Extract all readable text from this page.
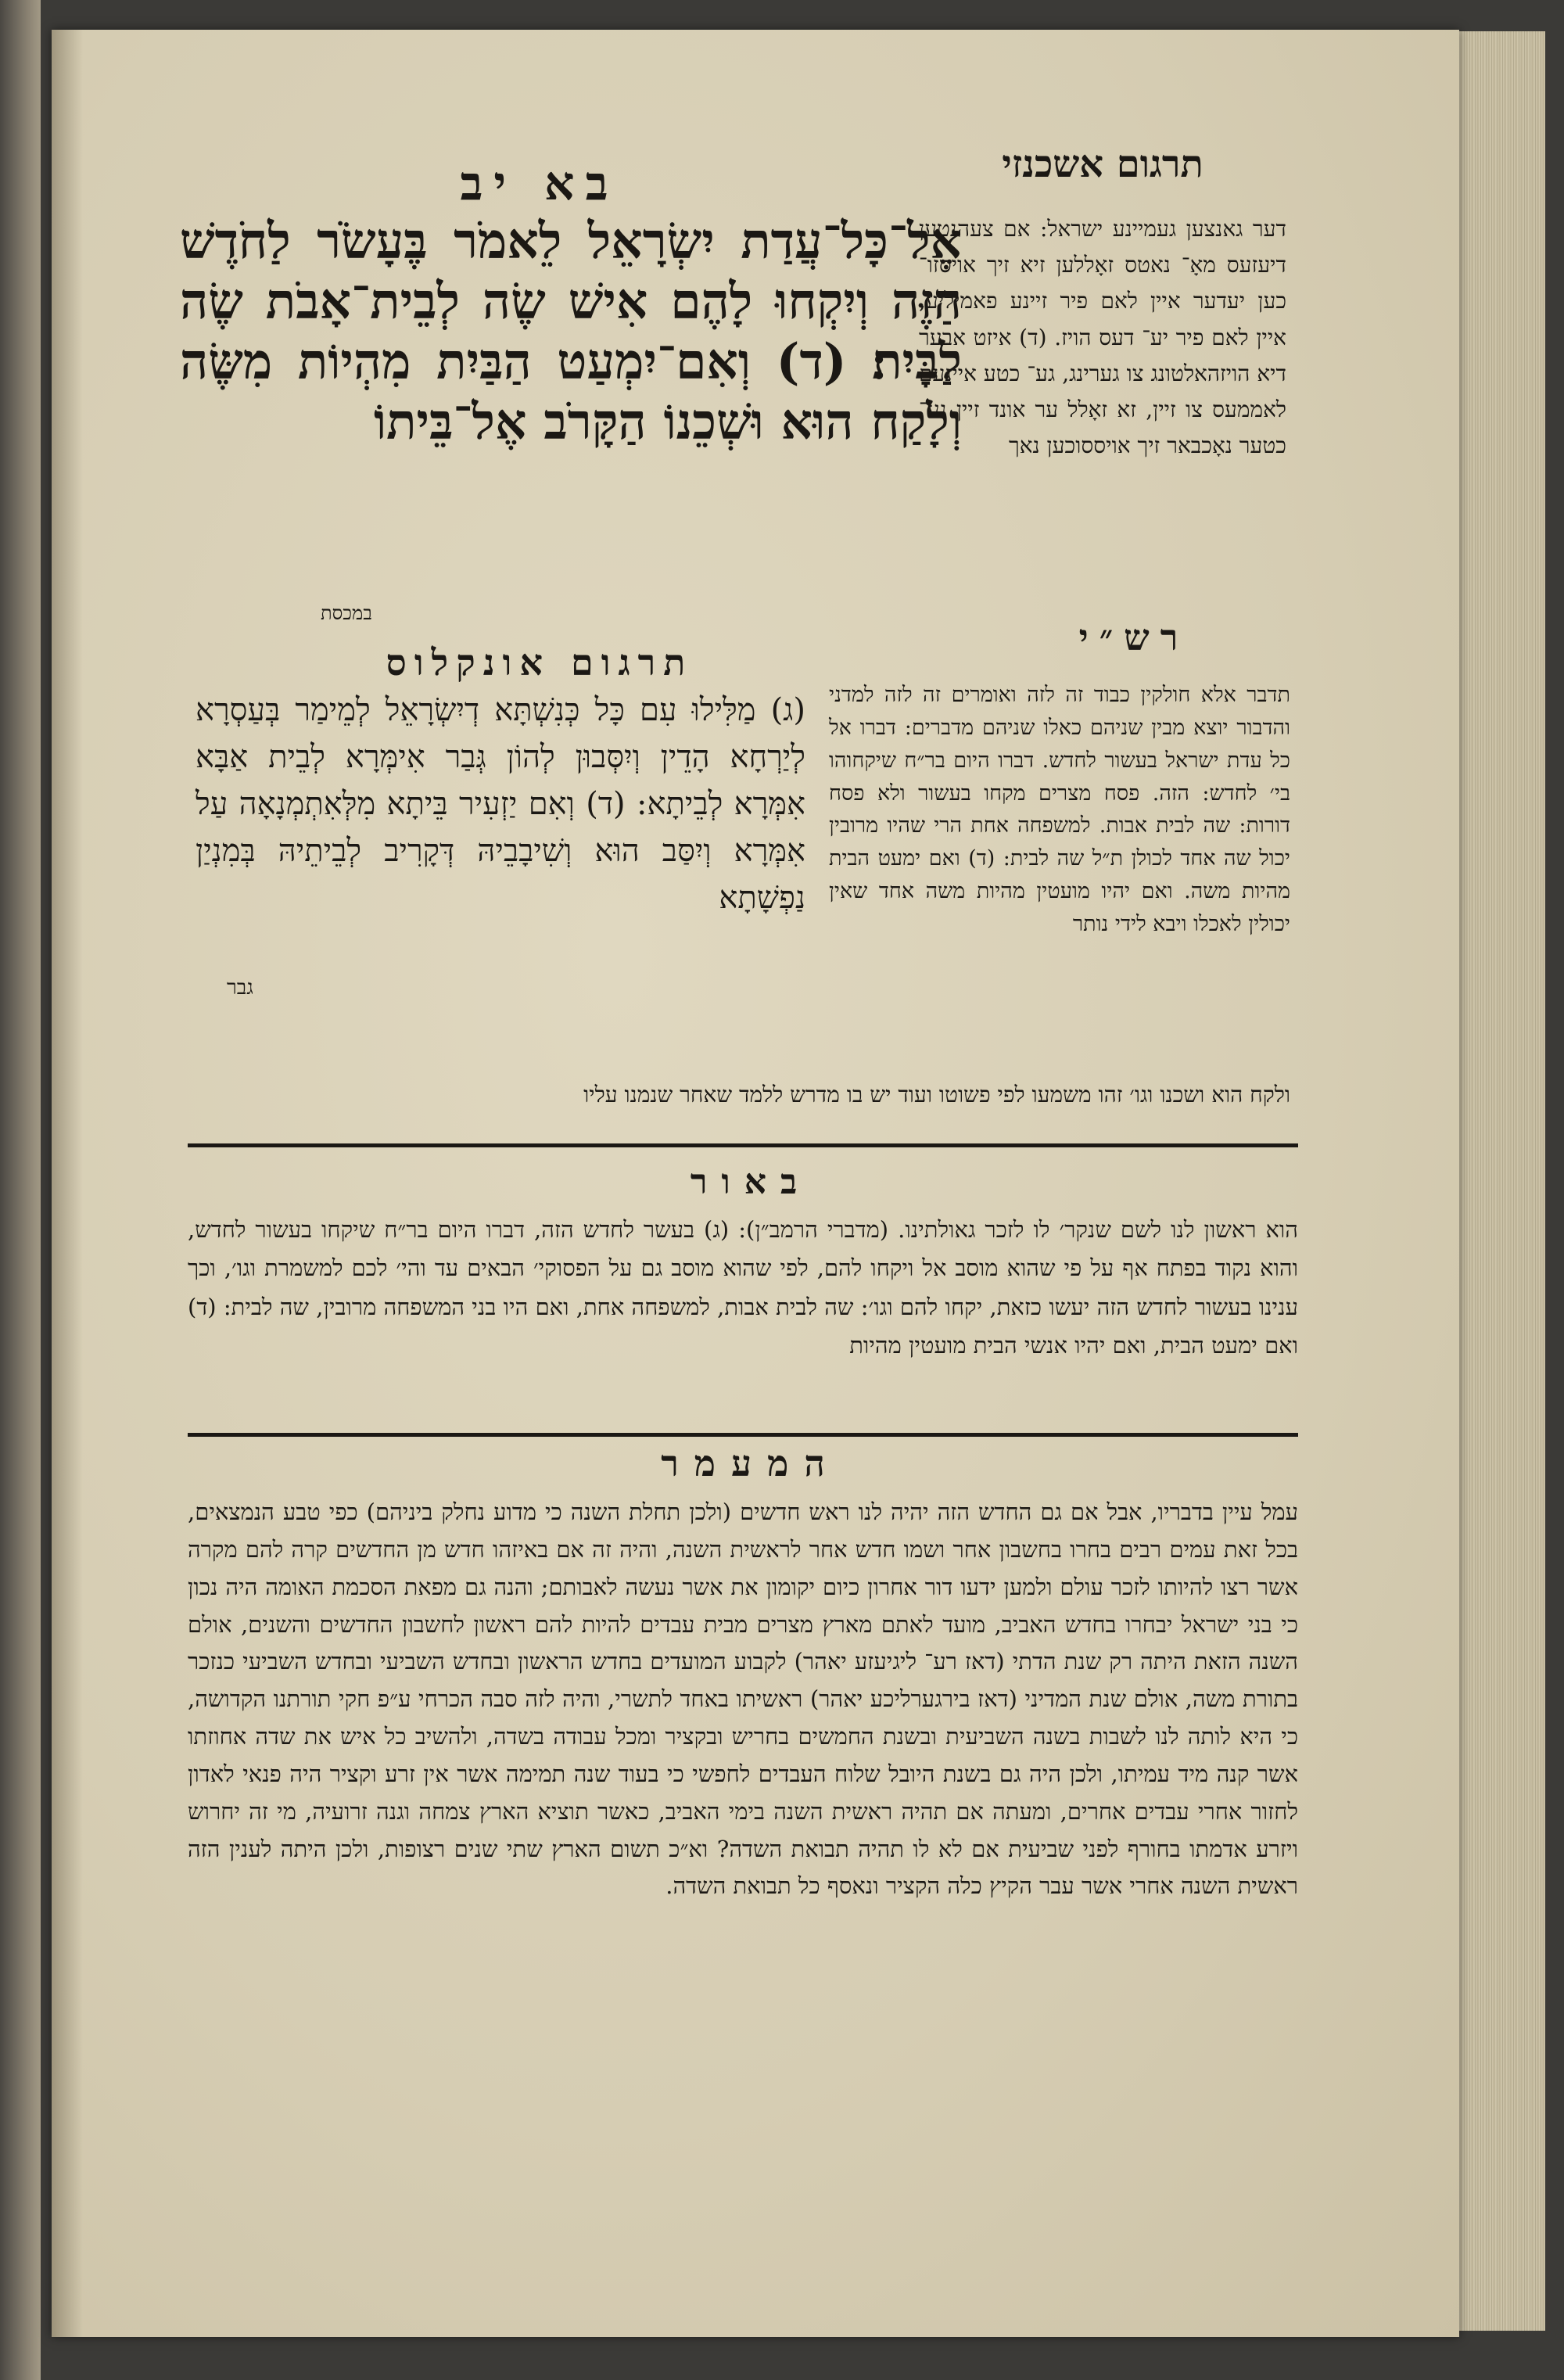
בא יב	תרגום אשכנזי
אֶל־כָּל־עֲדַת יִשְׂרָאֵל לֵאמֹר בֶּעָשֹׂר לַחֹדֶשׁ הַזֶּה וְיִקְחוּ לָהֶם אִישׁ שֶׂה לְבֵית־אָבֹת שֶׂה לַבָּיִת׃ (ד) וְאִם־יִמְעַט הַבַּיִת מִהְיוֹת מִשֶּׂה וְלָקַח הוּא וּשְׁכֵנוֹ הַקָּרֹב אֶל־בֵּיתוֹ
דער גאנצען געמיינע ישראל: אם צעהנטען דיעזעס מאָ־ נאטס זאָללען זיא זיך אויסזו־ כען יעדער איין לאם פיר זיינע פאמיליע, איין לאם פיר יע־ דעס הויז. (ד) איזט אבער דיא הויזהאלטונג צו גערינג, גע־ כטע איינעם לאממעס צו זיין, זא זאָלל ער אונד זיין נע־ כטער נאָכבאר זיך אויססוכען נאך
במכסת
תרגום אונקלוס
(ג) מַלִּילוּ עִם כָּל כְּנִשְׁתָּא דְיִשְׂרָאֵל לְמֵימַר בְּעַסְרָא לְיַרְחָא הָדֵין וְיִסְּבוּן לְהוֹן גְּבַר אִימְּרָא לְבֵית אַבָּא אִמְּרָא לְבֵיתָא: (ד) וְאִם יַזְעִיר בֵּיתָא מִלְּאִתְמְנָאָה עַל אִמְּרָא וְיִסַּב הוּא וְשִׁיבָבֵיהּ דְּקָרִיב לְבֵיתֵיהּ בְּמִנְיַן נַפְשָׁתָא
גבר
רש״י
תדבר אלא חולקין כבוד זה לזה ואומרים זה לזה למדני והדבור יוצא מבין שניהם כאלו שניהם מדברים: דברו אל כל עדת ישראל בעשור לחדש. דברו היום בר״ח שיקחוהו בי׳ לחדש: הזה. פסח מצרים מקחו בעשור ולא פסח דורות: שה לבית אבות. למשפחה אחת הרי שהיו מרובין יכול שה אחד לכולן ת״ל שה לבית: (ד) ואם ימעט הבית מהיות משה. ואם יהיו מועטין מהיות משה אחד שאין יכולין לאכלו ויבא לידי נותר
ולקח הוא ושכנו וגו׳ זהו משמעו לפי פשוטו ועוד יש בו מדרש ללמד שאחר שנמנו עליו
באור
הוא ראשון לנו לשם שנקר׳ לו לזכר גאולתינו. (מדברי הרמב״ן): (ג) בעשר לחדש הזה, דברו היום בר״ח שיקחו בעשור לחדש, והוא נקוד בפתח אף על פי שהוא מוסב אל ויקחו להם, לפי שהוא מוסב גם על הפסוקי׳ הבאים עד והי׳ לכם למשמרת וגו׳, וכך ענינו בעשור לחדש הזה יעשו כזאת, יקחו להם וגו׳: שה לבית אבות, למשפחה אחת, ואם היו בני המשפחה מרובין, שה לבית: (ד) ואם ימעט הבית, ואם יהיו אנשי הבית מועטין מהיות
המעמר
עמל עיין בדבריו, אבל אם גם החדש הזה יהיה לנו ראש חדשים (ולכן תחלת השנה כי מדוע נחלק ביניהם) כפי טבע הנמצאים, בכל זאת עמים רבים בחרו בחשבון אחר ושמו חדש אחר לראשית השנה, והיה זה אם באיזהו חדש מן החדשים קרה להם מקרה אשר רצו להיותו לזכר עולם ולמען ידעו דור אחרון כיום יקומון את אשר נעשה לאבותם; והנה גם מפאת הסכמת האומה היה נכון כי בני ישראל יבחרו בחדש האביב, מועד לאתם מארץ מצרים מבית עבדים להיות להם ראשון לחשבון החדשים והשנים, אולם השנה הזאת היתה רק שנת הדתי (דאז רע־ ליגיעזע יאהר) לקבוע המועדים בחדש הראשון ובחדש השביעי ובחדש השביעי כנזכר בתורת משה, אולם שנת המדיני (דאז בירגערליכע יאהר) ראשיתו באחד לתשרי, והיה לזה סבה הכרחי ע״פ חקי תורתנו הקדושה, כי היא לותה לנו לשבות בשנה השביעית ובשנת החמשים בחריש ובקציר ומכל עבודה בשדה, ולהשיב כל איש את שדה אחוזתו אשר קנה מיד עמיתו, ולכן היה גם בשנת היובל שלוח העבדים לחפשי כי בעוד שנה תמימה אשר אין זרע וקציר היה פנאי לאדון לחזור אחרי עבדים אחרים, ומעתה אם תהיה ראשית השנה בימי האביב, כאשר תוציא הארץ צמחה וגנה זרועיה, מי זה יחרוש ויזרע אדמתו בחורף לפני שביעית אם לא לו תהיה תבואת השדה? וא״כ תשום הארץ שתי שנים רצופות, ולכן היתה לענין הזה ראשית השנה אחרי אשר עבר הקיץ כלה הקציר ונאסף כל תבואת השדה.
